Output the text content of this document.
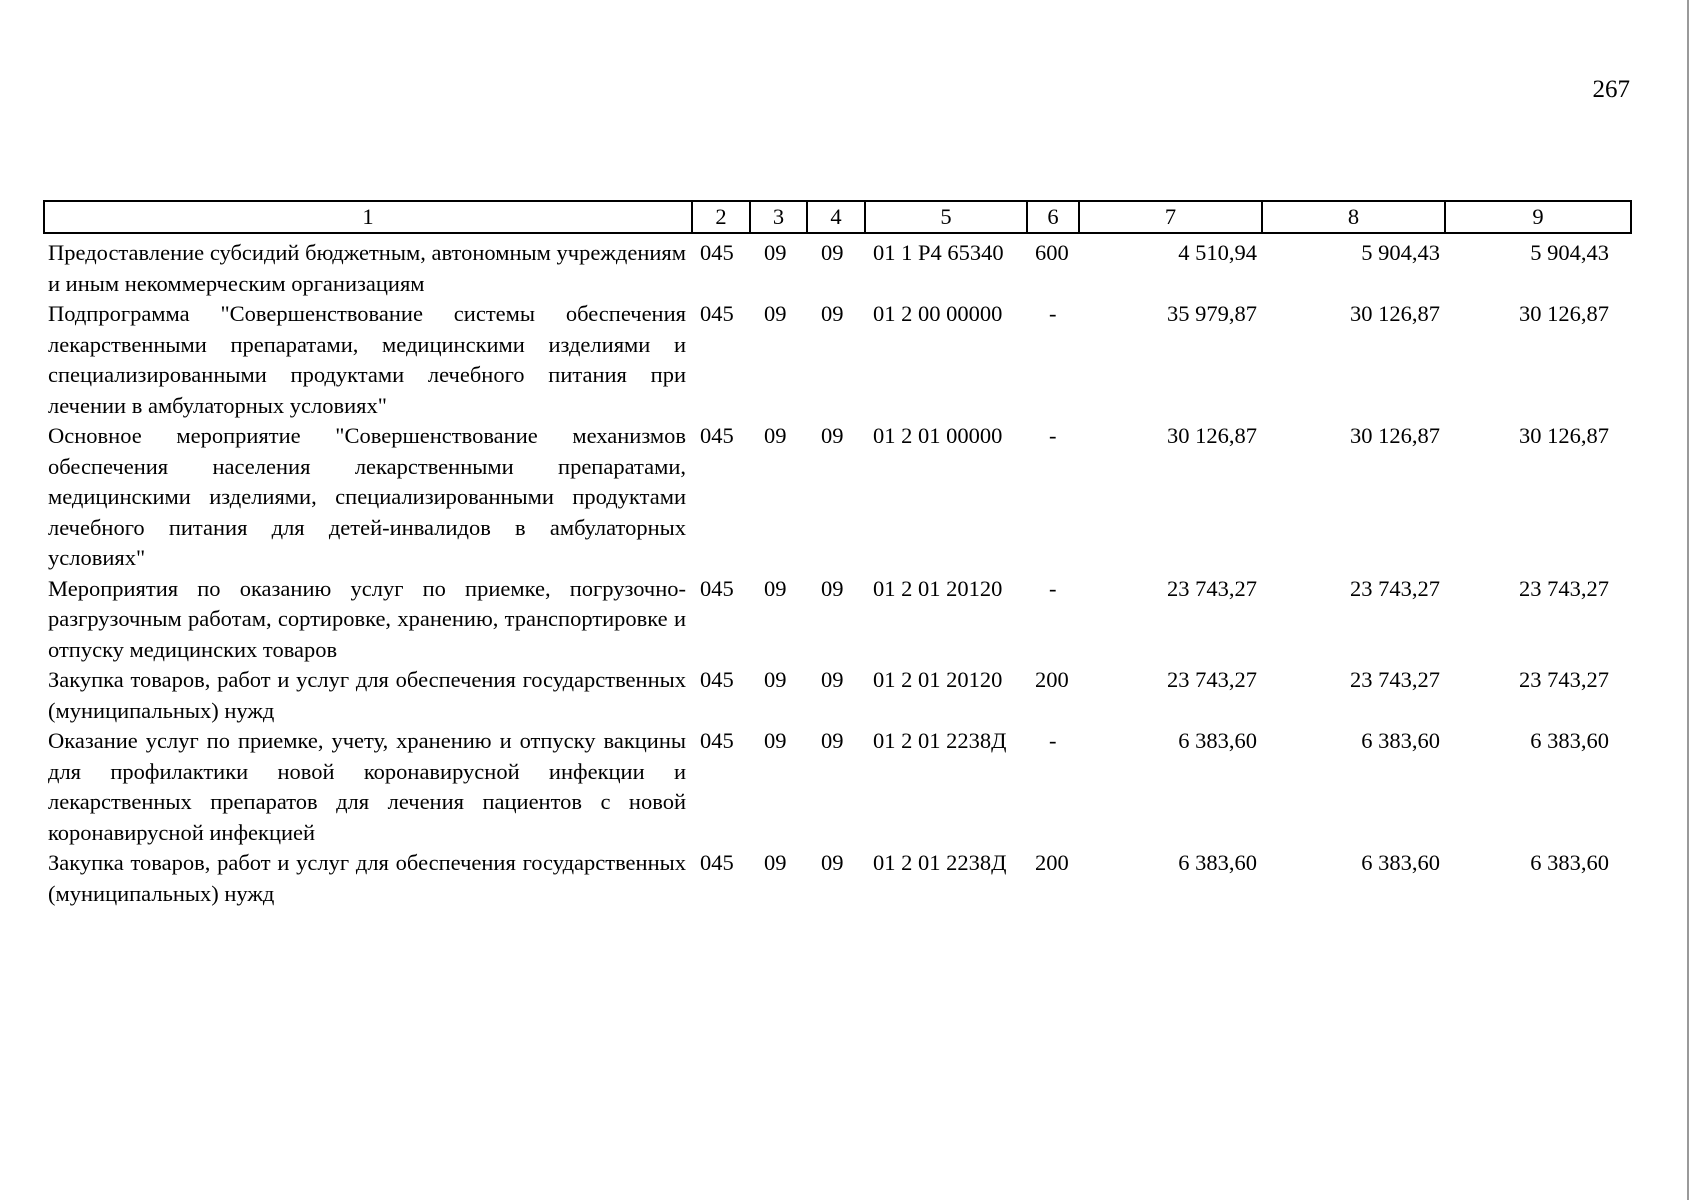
267
1	2	3	4	5	6	7	8	9
Предоставление субсидий бюджетным, автономным учреждениям и иным некоммерческим организациям	045	09	09	01 1 P4 65340	600	4 510,94	5 904,43	5 904,43
Подпрограмма "Совершенствование системы обеспечения лекарственными препаратами, медицинскими изделиями и специализированными продуктами лечебного питания при лечении в амбулаторных условиях"	045	09	09	01 2 00 00000	-	35 979,87	30 126,87	30 126,87
Основное мероприятие "Совершенствование механизмов обеспечения населения лекарственными препаратами, медицинскими изделиями, специализированными продуктами лечебного питания для детей-инвалидов в амбулаторных условиях"	045	09	09	01 2 01 00000	-	30 126,87	30 126,87	30 126,87
Мероприятия по оказанию услуг по приемке, погрузочно-разгрузочным работам, сортировке, хранению, транспортировке и отпуску медицинских товаров	045	09	09	01 2 01 20120	-	23 743,27	23 743,27	23 743,27
Закупка товаров, работ и услуг для обеспечения государственных (муниципальных) нужд	045	09	09	01 2 01 20120	200	23 743,27	23 743,27	23 743,27
Оказание услуг по приемке, учету, хранению и отпуску вакцины для профилактики новой коронавирусной инфекции и лекарственных препаратов для лечения пациентов с новой коронавирусной инфекцией	045	09	09	01 2 01 2238Д	-	6 383,60	6 383,60	6 383,60
Закупка товаров, работ и услуг для обеспечения государственных (муниципальных) нужд	045	09	09	01 2 01 2238Д	200	6 383,60	6 383,60	6 383,60
